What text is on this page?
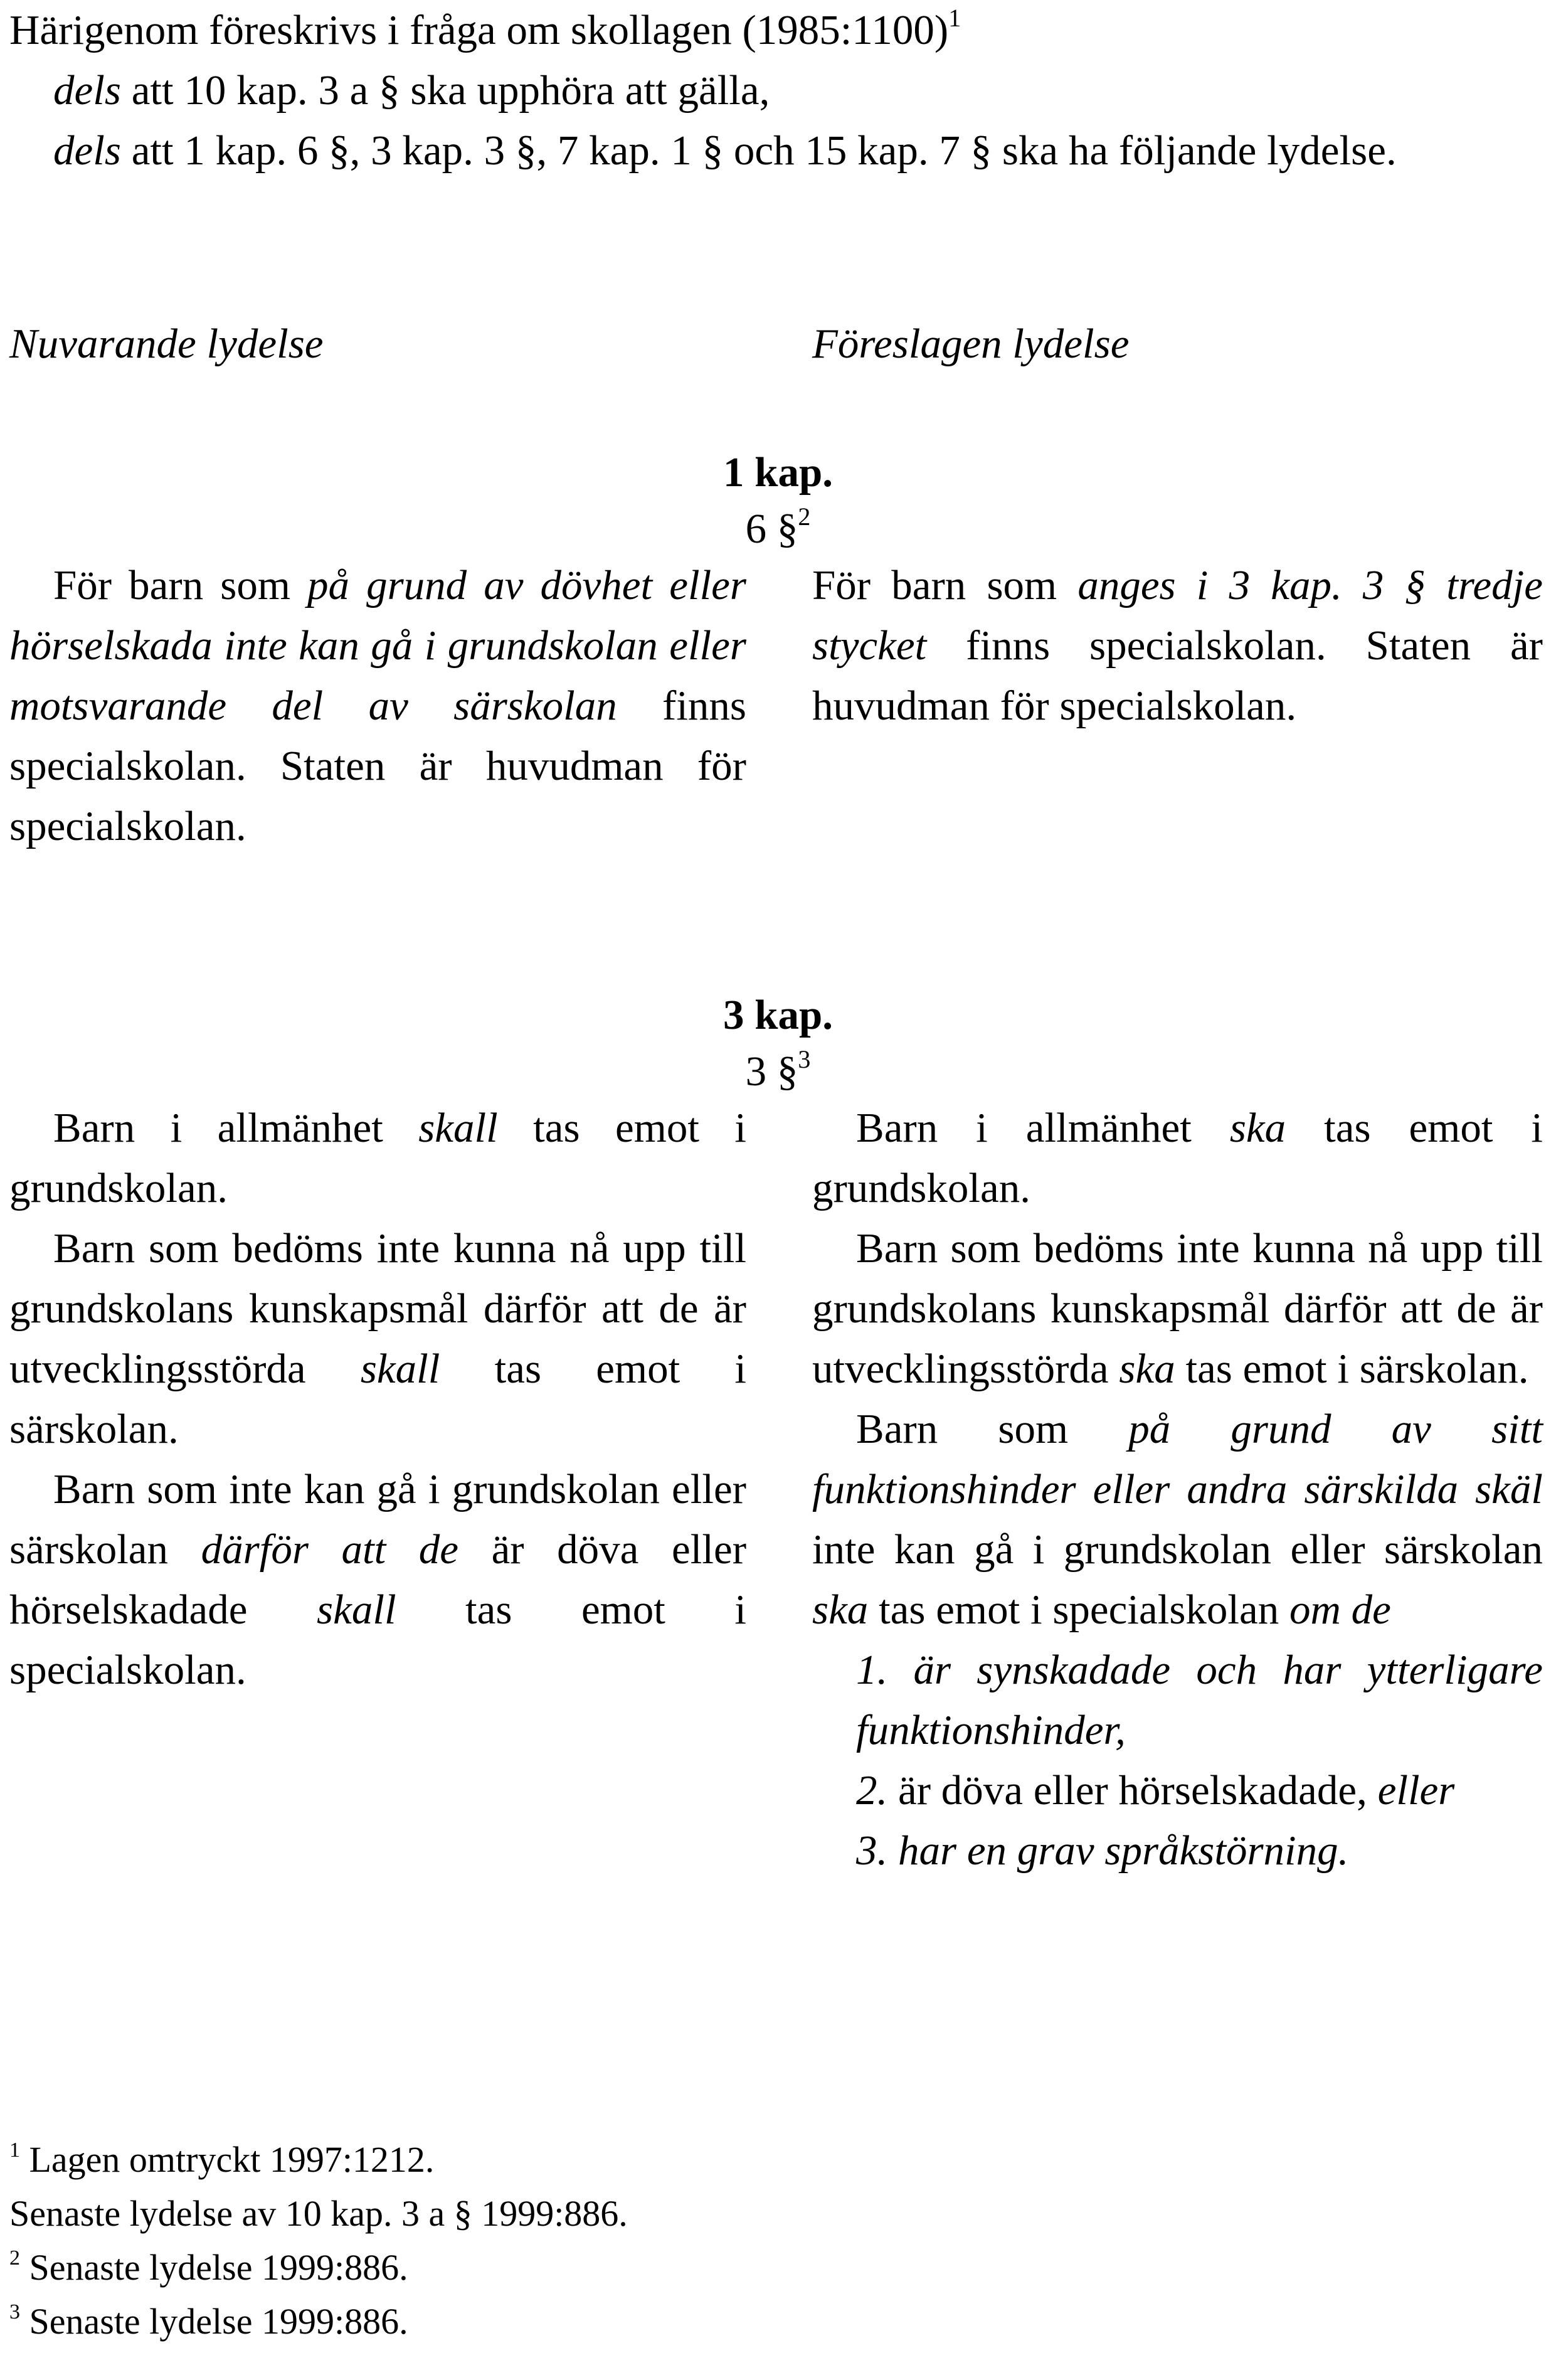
Härigenom föreskrivs i fråga om skollagen (1985:1100)$^1$

dels att 10 kap. 3 a § ska upphöra att gälla,

dels att 1 kap. 6 §, 3 kap. 3 §, 7 kap. 1 § och 15 kap. 7 § ska ha följande lydelse.

Nuvarande lydelse	Föreslagen lydelse
1 kap.
6 §$^2$
För barn som på grund av dövhet eller hörselskada inte kan gå i grundskolan eller motsvarande del av särskolan finns specialskolan. Staten är huvudman för specialskolan.
För barn som anges i 3 kap. 3 § tredje stycket finns specialskolan. Staten är huvudman för specialskolan.
3 kap.
3 §$^3$

Barn i allmänhet skall tas emot i grundskolan.

Barn som bedöms inte kunna nå upp till grundskolans kunskapsmål därför att de är utvecklingsstörda skall tas emot i särskolan.

Barn som inte kan gå i grundskolan eller särskolan därför att de är döva eller hörselskadade skall tas emot i specialskolan.

Barn i allmänhet ska tas emot i grundskolan.

Barn som bedöms inte kunna nå upp till grundskolans kunskapsmål därför att de är utvecklingsstörda ska tas emot i särskolan.

Barn som på grund av sitt funktionshinder eller andra särskilda skäl inte kan gå i grundskolan eller särskolan ska tas emot i specialskolan om de

1. är synskadade och har ytterligare funktionshinder,

2. är döva eller hörselskadade, eller

3. har en grav språkstörning.

$^1$ Lagen omtryckt 1997:1212.

Senaste lydelse av 10 kap. 3 a § 1999:886.

$^2$ Senaste lydelse 1999:886.

$^3$ Senaste lydelse 1999:886.
